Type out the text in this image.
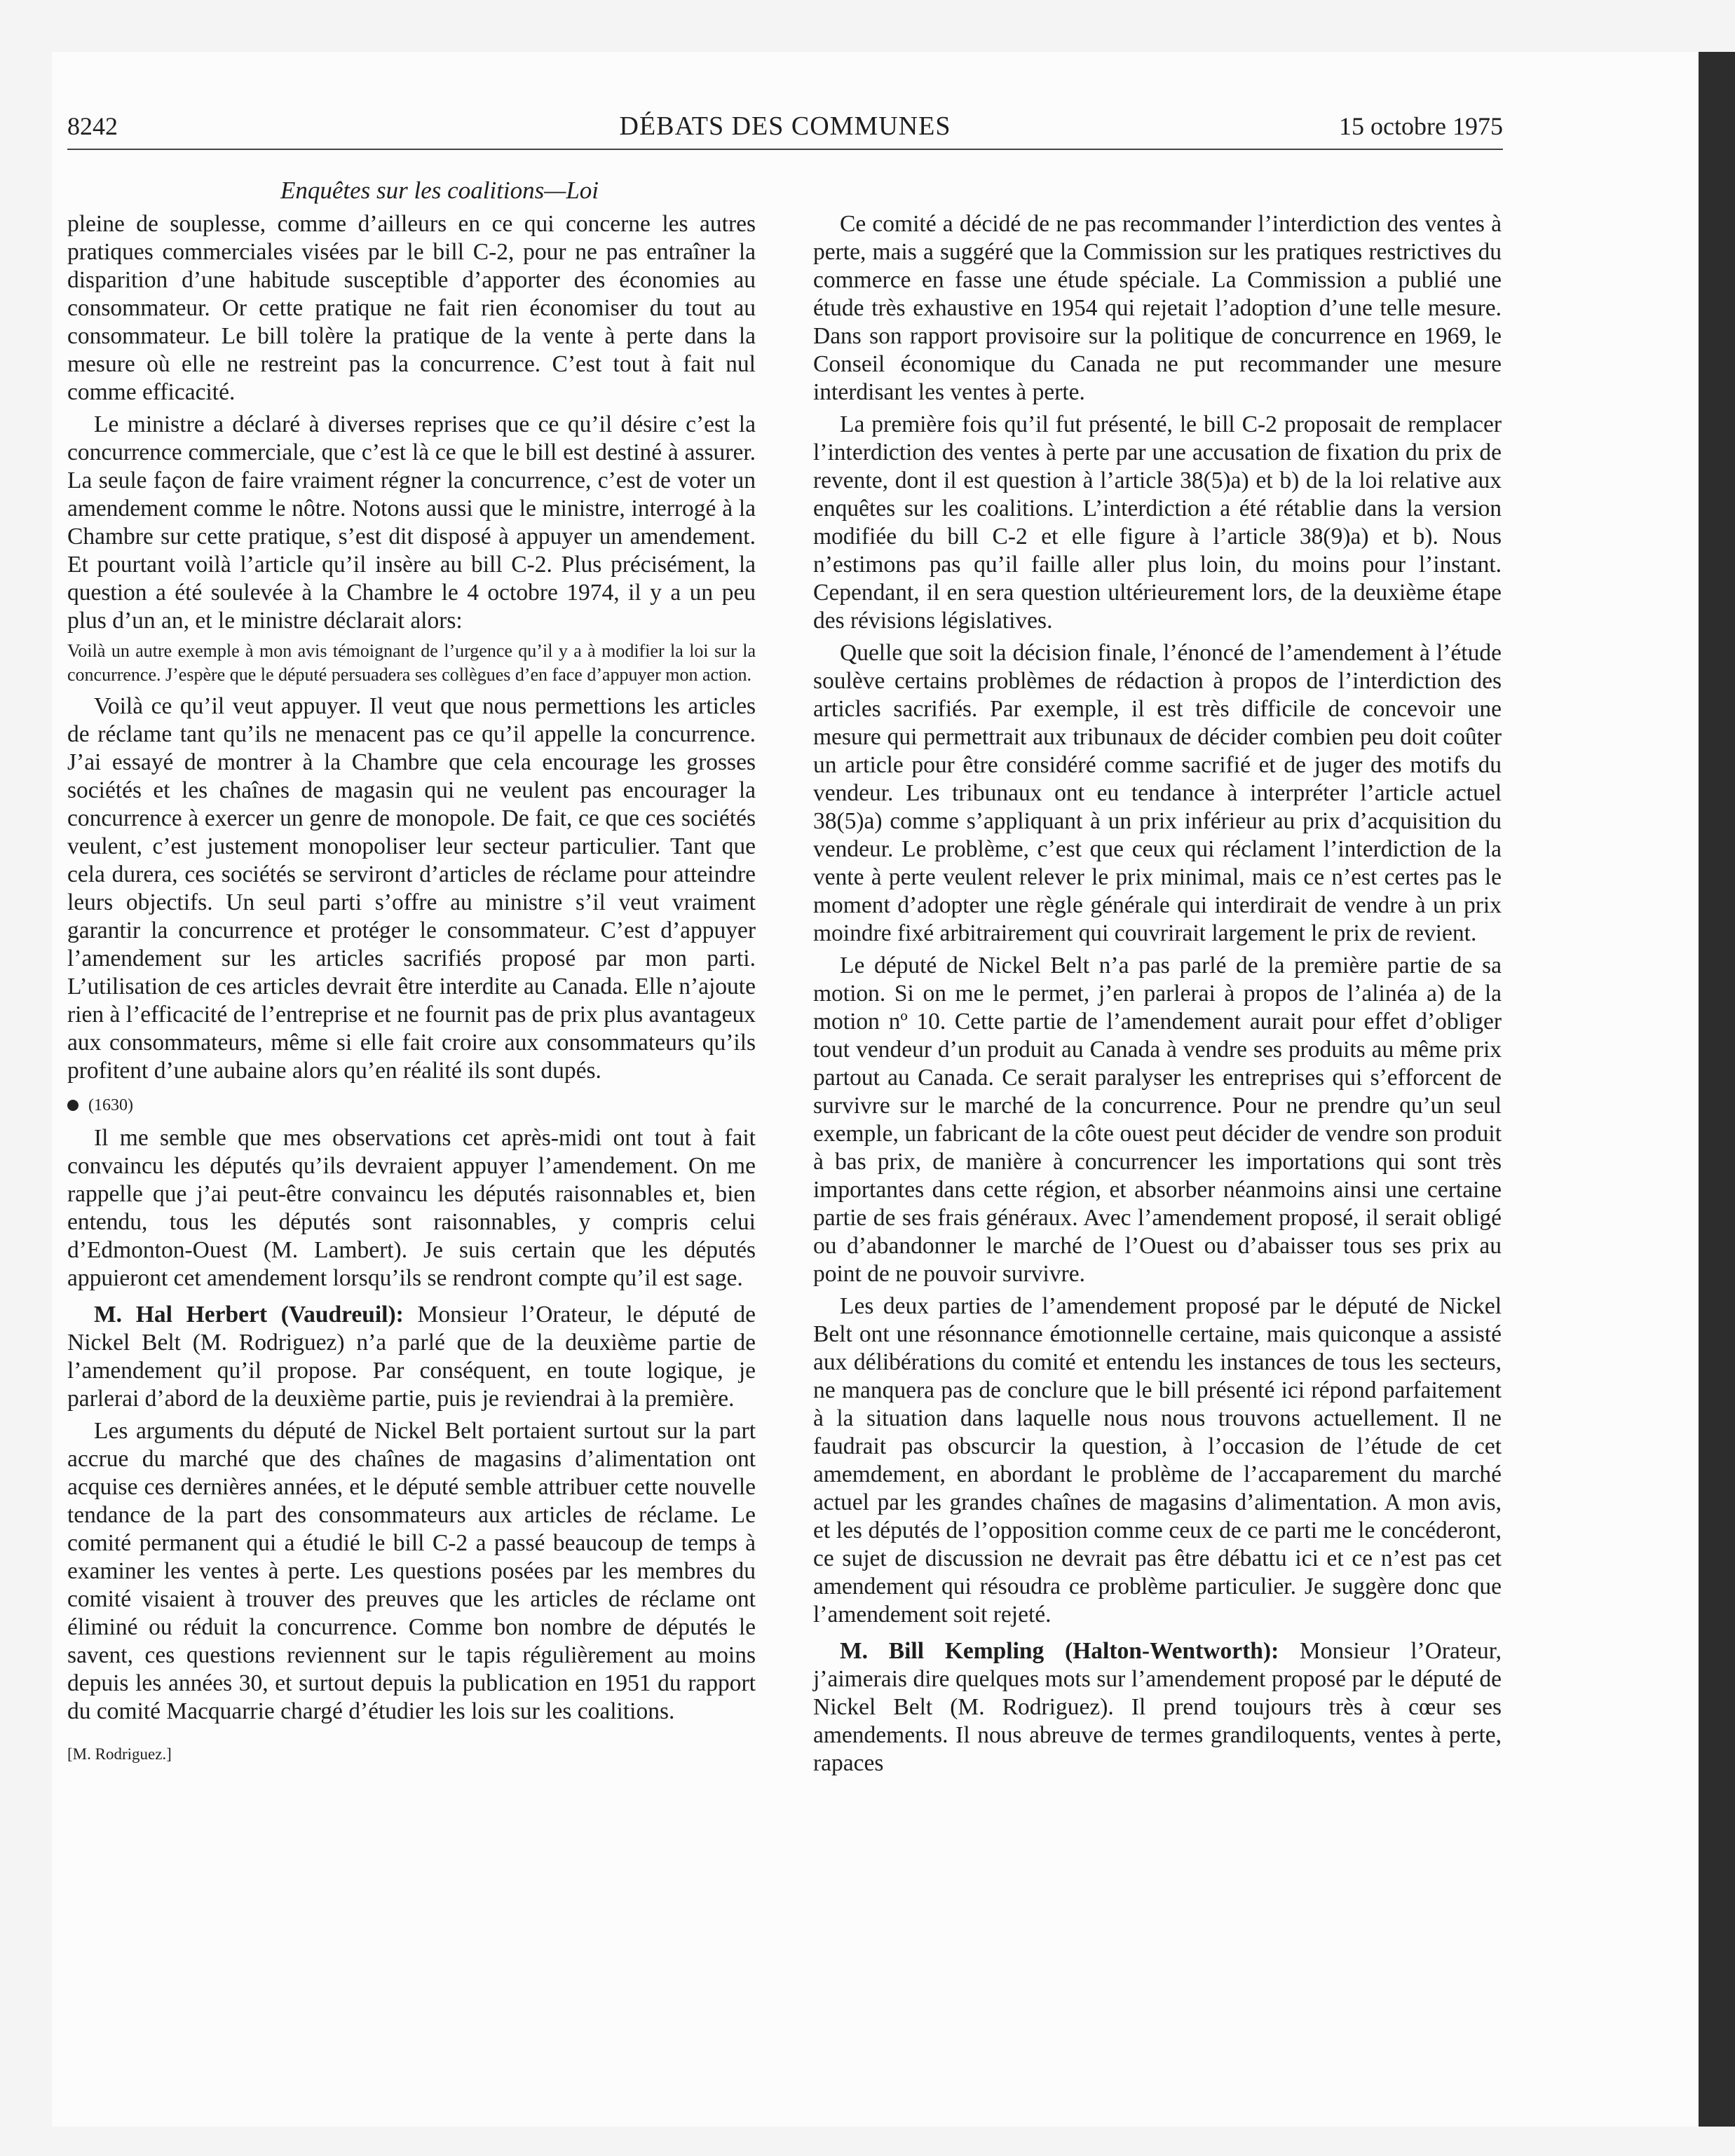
8242	DÉBATS DES COMMUNES	15 octobre 1975
Enquêtes sur les coalitions—Loi

pleine de souplesse, comme d’ailleurs en ce qui concerne les autres pratiques commerciales visées par le bill C-2, pour ne pas entraîner la disparition d’une habitude susceptible d’apporter des économies au consommateur. Or cette pratique ne fait rien économiser du tout au consommateur. Le bill tolère la pratique de la vente à perte dans la mesure où elle ne restreint pas la concurrence. C’est tout à fait nul comme efficacité.

Le ministre a déclaré à diverses reprises que ce qu’il désire c’est la concurrence commerciale, que c’est là ce que le bill est destiné à assurer. La seule façon de faire vraiment régner la concurrence, c’est de voter un amendement comme le nôtre. Notons aussi que le ministre, interrogé à la Chambre sur cette pratique, s’est dit disposé à appuyer un amendement. Et pourtant voilà l’article qu’il insère au bill C-2. Plus précisément, la question a été soulevée à la Chambre le 4 octobre 1974, il y a un peu plus d’un an, et le ministre déclarait alors:

Voilà un autre exemple à mon avis témoignant de l’urgence qu’il y a à modifier la loi sur la concurrence. J’espère que le député persuadera ses collègues d’en face d’appuyer mon action.

Voilà ce qu’il veut appuyer. Il veut que nous permettions les articles de réclame tant qu’ils ne menacent pas ce qu’il appelle la concurrence. J’ai essayé de montrer à la Chambre que cela encourage les grosses sociétés et les chaînes de magasin qui ne veulent pas encourager la concurrence à exercer un genre de monopole. De fait, ce que ces sociétés veulent, c’est justement monopoliser leur secteur particulier. Tant que cela durera, ces sociétés se serviront d’articles de réclame pour atteindre leurs objectifs. Un seul parti s’offre au ministre s’il veut vraiment garantir la concurrence et protéger le consommateur. C’est d’appuyer l’amendement sur les articles sacrifiés proposé par mon parti. L’utilisation de ces articles devrait être interdite au Canada. Elle n’ajoute rien à l’efficacité de l’entreprise et ne fournit pas de prix plus avantageux aux consommateurs, même si elle fait croire aux consommateurs qu’ils profitent d’une aubaine alors qu’en réalité ils sont dupés.

(1630)

Il me semble que mes observations cet après-midi ont tout à fait convaincu les députés qu’ils devraient appuyer l’amendement. On me rappelle que j’ai peut-être convaincu les députés raisonnables et, bien entendu, tous les députés sont raisonnables, y compris celui d’Edmonton-Ouest (M. Lambert). Je suis certain que les députés appuieront cet amendement lorsqu’ils se rendront compte qu’il est sage.

M. Hal Herbert (Vaudreuil): Monsieur l’Orateur, le député de Nickel Belt (M. Rodriguez) n’a parlé que de la deuxième partie de l’amendement qu’il propose. Par conséquent, en toute logique, je parlerai d’abord de la deuxième partie, puis je reviendrai à la première.

Les arguments du député de Nickel Belt portaient surtout sur la part accrue du marché que des chaînes de magasins d’alimentation ont acquise ces dernières années, et le député semble attribuer cette nouvelle tendance de la part des consommateurs aux articles de réclame. Le comité permanent qui a étudié le bill C-2 a passé beaucoup de temps à examiner les ventes à perte. Les questions posées par les membres du comité visaient à trouver des preuves que les articles de réclame ont éliminé ou réduit la concurrence. Comme bon nombre de députés le savent, ces questions reviennent sur le tapis régulièrement au moins depuis les années 30, et surtout depuis la publication en 1951 du rapport du comité Macquarrie chargé d’étudier les lois sur les coalitions.

[M. Rodriguez.]

Ce comité a décidé de ne pas recommander l’interdiction des ventes à perte, mais a suggéré que la Commission sur les pratiques restrictives du commerce en fasse une étude spéciale. La Commission a publié une étude très exhaustive en 1954 qui rejetait l’adoption d’une telle mesure. Dans son rapport provisoire sur la politique de concurrence en 1969, le Conseil économique du Canada ne put recommander une mesure interdisant les ventes à perte.

La première fois qu’il fut présenté, le bill C-2 proposait de remplacer l’interdiction des ventes à perte par une accusation de fixation du prix de revente, dont il est question à l’article 38(5)a) et b) de la loi relative aux enquêtes sur les coalitions. L’interdiction a été rétablie dans la version modifiée du bill C-2 et elle figure à l’article 38(9)a) et b). Nous n’estimons pas qu’il faille aller plus loin, du moins pour l’instant. Cependant, il en sera question ultérieurement lors, de la deuxième étape des révisions législatives.

Quelle que soit la décision finale, l’énoncé de l’amendement à l’étude soulève certains problèmes de rédaction à propos de l’interdiction des articles sacrifiés. Par exemple, il est très difficile de concevoir une mesure qui permettrait aux tribunaux de décider combien peu doit coûter un article pour être considéré comme sacrifié et de juger des motifs du vendeur. Les tribunaux ont eu tendance à interpréter l’article actuel 38(5)a) comme s’appliquant à un prix inférieur au prix d’acquisition du vendeur. Le problème, c’est que ceux qui réclament l’interdiction de la vente à perte veulent relever le prix minimal, mais ce n’est certes pas le moment d’adopter une règle générale qui interdirait de vendre à un prix moindre fixé arbitrairement qui couvrirait largement le prix de revient.

Le député de Nickel Belt n’a pas parlé de la première partie de sa motion. Si on me le permet, j’en parlerai à propos de l’alinéa a) de la motion nº 10. Cette partie de l’amendement aurait pour effet d’obliger tout vendeur d’un produit au Canada à vendre ses produits au même prix partout au Canada. Ce serait paralyser les entreprises qui s’efforcent de survivre sur le marché de la concurrence. Pour ne prendre qu’un seul exemple, un fabricant de la côte ouest peut décider de vendre son produit à bas prix, de manière à concurrencer les importations qui sont très importantes dans cette région, et absorber néanmoins ainsi une certaine partie de ses frais généraux. Avec l’amendement proposé, il serait obligé ou d’abandonner le marché de l’Ouest ou d’abaisser tous ses prix au point de ne pouvoir survivre.

Les deux parties de l’amendement proposé par le député de Nickel Belt ont une résonnance émotionnelle certaine, mais quiconque a assisté aux délibérations du comité et entendu les instances de tous les secteurs, ne manquera pas de conclure que le bill présenté ici répond parfaitement à la situation dans laquelle nous nous trouvons actuellement. Il ne faudrait pas obscurcir la question, à l’occasion de l’étude de cet amemdement, en abordant le problème de l’accaparement du marché actuel par les grandes chaînes de magasins d’alimentation. A mon avis, et les députés de l’opposition comme ceux de ce parti me le concéderont, ce sujet de discussion ne devrait pas être débattu ici et ce n’est pas cet amendement qui résoudra ce problème particulier. Je suggère donc que l’amendement soit rejeté.

M. Bill Kempling (Halton-Wentworth): Monsieur l’Orateur, j’aimerais dire quelques mots sur l’amendement proposé par le député de Nickel Belt (M. Rodriguez). Il prend toujours très à cœur ses amendements. Il nous abreuve de termes grandiloquents, ventes à perte, rapaces
